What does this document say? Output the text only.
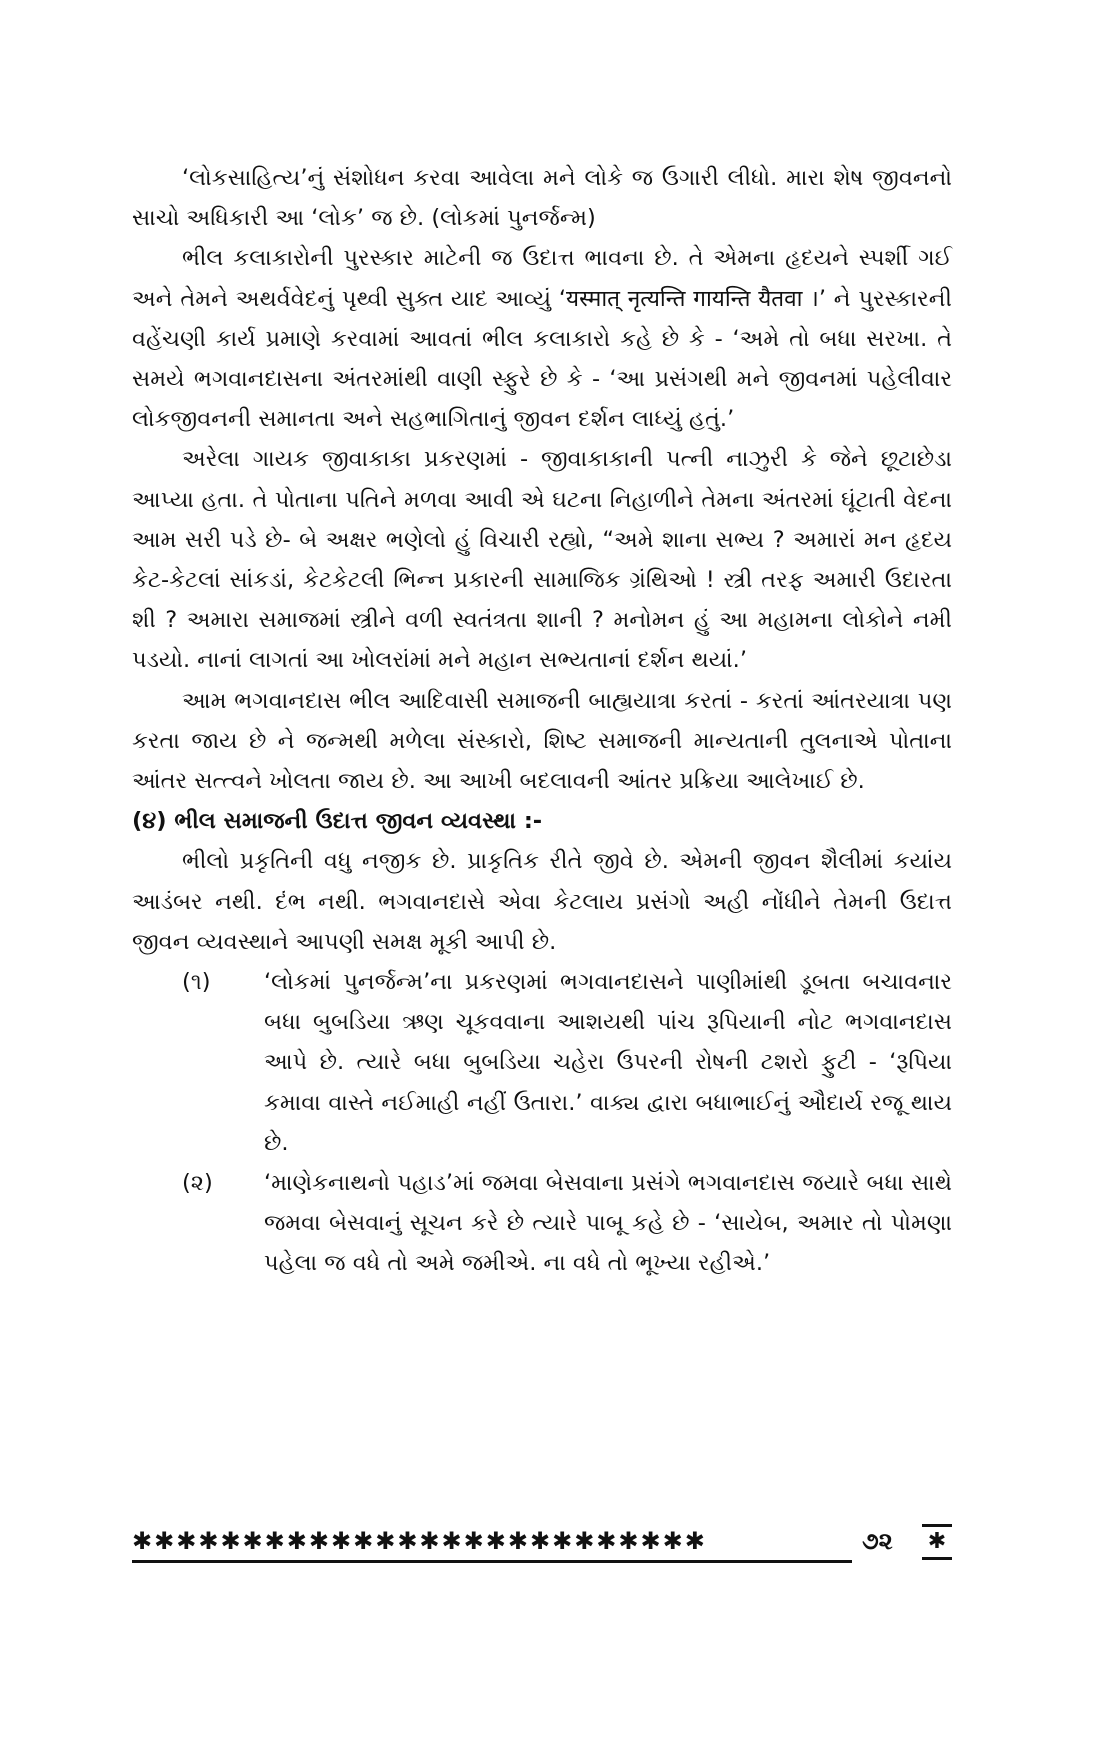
‘લોકસાહિત્ય’નું સંશોધન કરવા આવેલા મને લોકે જ ઉગારી લીધો. મારા શેષ જીવનનો સાચો અધિકારી આ ‘લોક’ જ છે. (લોકમાં પુનર્જન્મ)

ભીલ કલાકારોની પુરસ્કાર માટેની જ ઉદાત્ત ભાવના છે. તે એમના હૃદયને સ્પર્શી ગઈ અને તેમને અથર્વવેદનું પૃથ્વી સુક્ત યાદ આવ્યું ‘यस्मात् नृत्यन्ति गायन्ति यैतवा ।’ ને પુરસ્કારની વહેંચણી કાર્ય પ્રમાણે કરવામાં આવતાં ભીલ કલાકારો કહે છે કે - ‘અમે તો બધા સરખા. તે સમયે ભગવાનદાસના અંતરમાંથી વાણી સ્ફુરે છે કે - ‘આ પ્રસંગથી મને જીવનમાં પહેલીવાર લોકજીવનની સમાનતા અને સહભાગિતાનું જીવન દર્શન લાધ્યું હતું.’

અરેલા ગાયક જીવાકાકા પ્રકરણમાં - જીવાકાકાની પત્ની નાઝુરી કે જેને છૂટાછેડા આપ્યા હતા. તે પોતાના પતિને મળવા આવી એ ઘટના નિહાળીને તેમના અંતરમાં ઘૂંટાતી વેદના આમ સરી પડે છે- બે અક્ષર ભણેલો હું વિચારી રહ્યો, “અમે શાના સભ્ય ? અમારાં મન હૃદય કેટ-કેટલાં સાંકડાં, કેટકેટલી ભિન્ન પ્રકારની સામાજિક ગ્રંથિઓ ! સ્ત્રી તરફ અમારી ઉદારતા શી ? અમારા સમાજમાં સ્ત્રીને વળી સ્વતંત્રતા શાની ? મનોમન હું આ મહામના લોકોને નમી પડયો. નાનાં લાગતાં આ ખોલરાંમાં મને મહાન સભ્યતાનાં દર્શન થયાં.’

આમ ભગવાનદાસ ભીલ આદિવાસી સમાજની બાહ્યયાત્રા કરતાં - કરતાં આંતરયાત્રા પણ કરતા જાય છે ને જન્મથી મળેલા સંસ્કારો, શિષ્ટ સમાજની માન્યતાની તુલનાએ પોતાના આંતર સત્ત્વને ખોલતા જાય છે. આ આખી બદલાવની આંતર પ્રક્રિયા આલેખાઈ છે.

(૪) ભીલ સમાજની ઉદાત્ત જીવન વ્યવસ્થા :-

ભીલો પ્રકૃતિની વધુ નજીક છે. પ્રાકૃતિક રીતે જીવે છે. એમની જીવન શૈલીમાં કયાંય આડંબર નથી. દંભ નથી. ભગવાનદાસે એવા કેટલાય પ્રસંગો અહી નોંધીને તેમની ઉદાત્ત જીવન વ્યવસ્થાને આપણી સમક્ષ મૂકી આપી છે.

(૧)	‘લોકમાં પુનર્જન્મ’ના પ્રકરણમાં ભગવાનદાસને પાણીમાંથી ડૂબતા બચાવનાર બધા બુબડિયા ઋણ ચૂકવવાના આશયથી પાંચ રૂપિયાની નોટ ભગવાનદાસ આપે છે. ત્યારે બધા બુબડિયા ચહેરા ઉપરની રોષની ટશરો ફુટી - ‘રૂપિયા કમાવા વાસ્તે નઈમાહી નહીં ઉતારા.’ વાક્ય દ્વારા બધાભાઈનું ઔદાર્ય રજૂ થાય છે.
(૨)	‘માણેકનાથનો પહાડ’માં જમવા બેસવાના પ્રસંગે ભગવાનદાસ જયારે બધા સાથે જમવા બેસવાનું સૂચન કરે છે ત્યારે પાબૂ કહે છે - ‘સાયેબ, અમાર તો પોમણા પહેલા જ વધે તો અમે જમીએ. ના વધે તો ભૂખ્યા રહીએ.’
✱✱✱✱✱✱✱✱✱✱✱✱✱✱✱✱✱✱✱✱✱✱✱✱✱✱	૭૨ ✱
